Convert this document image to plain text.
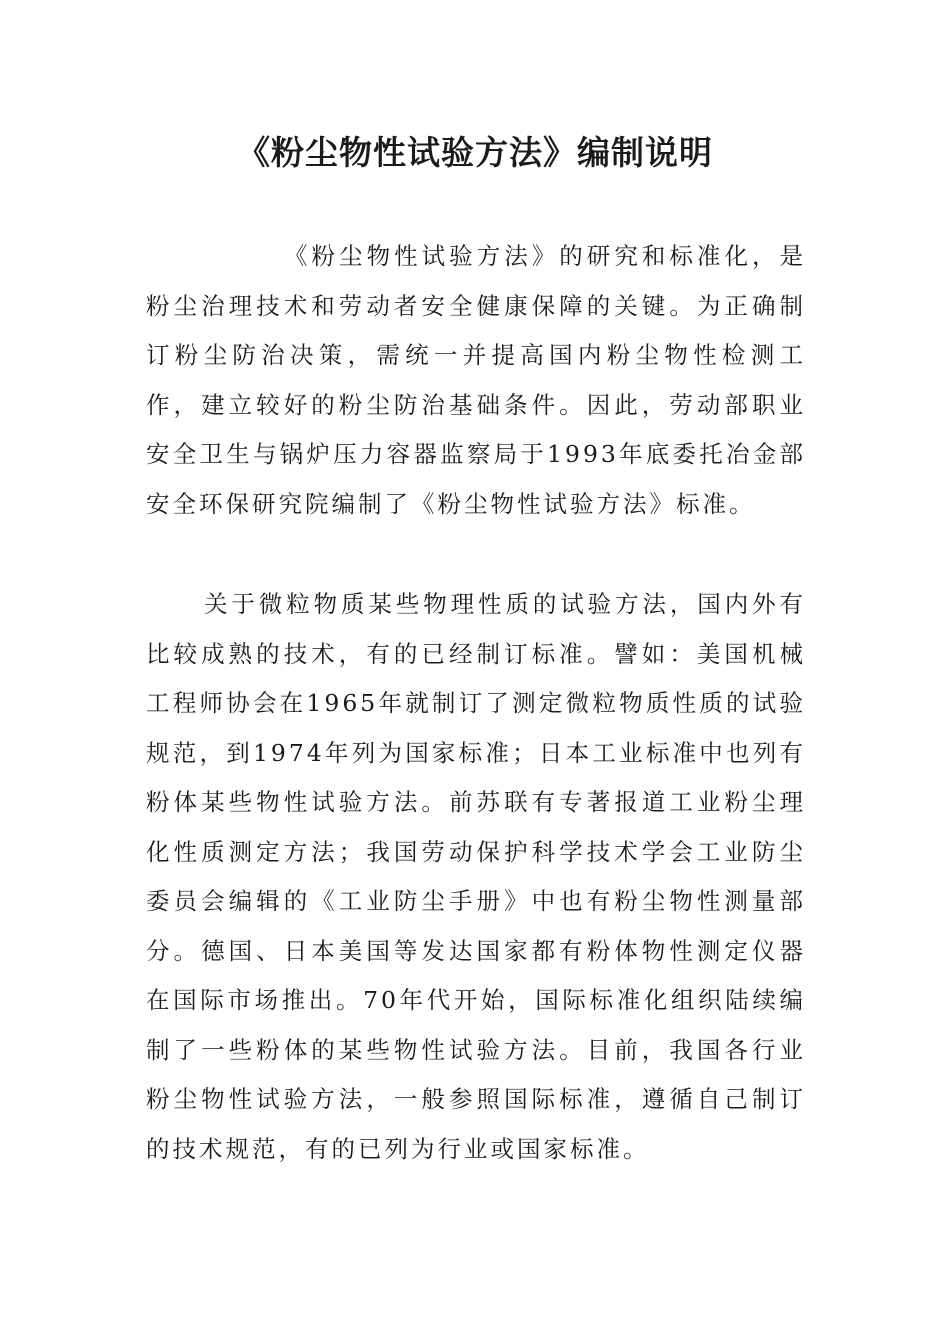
《粉尘物性试验方法》编制说明

《粉尘物性试验方法》的研究和标准化，是粉尘治理技术和劳动者安全健康保障的关键。为正确制订粉尘防治决策，需统一并提高国内粉尘物性检测工作，建立较好的粉尘防治基础条件。因此，劳动部职业安全卫生与锅炉压力容器监察局于1993年底委托冶金部安全环保研究院编制了《粉尘物性试验方法》标准。

关于微粒物质某些物理性质的试验方法，国内外有比较成熟的技术，有的已经制订标准。譬如：美国机械工程师协会在1965年就制订了测定微粒物质性质的试验规范，到1974年列为国家标准；日本工业标准中也列有粉体某些物性试验方法。前苏联有专著报道工业粉尘理化性质测定方法；我国劳动保护科学技术学会工业防尘委员会编辑的《工业防尘手册》中也有粉尘物性测量部分。德国、日本美国等发达国家都有粉体物性测定仪器在国际市场推出。70年代开始，国际标准化组织陆续编制了一些粉体的某些物性试验方法。目前，我国各行业粉尘物性试验方法，一般参照国际标准，遵循自己制订的技术规范，有的已列为行业或国家标准。
